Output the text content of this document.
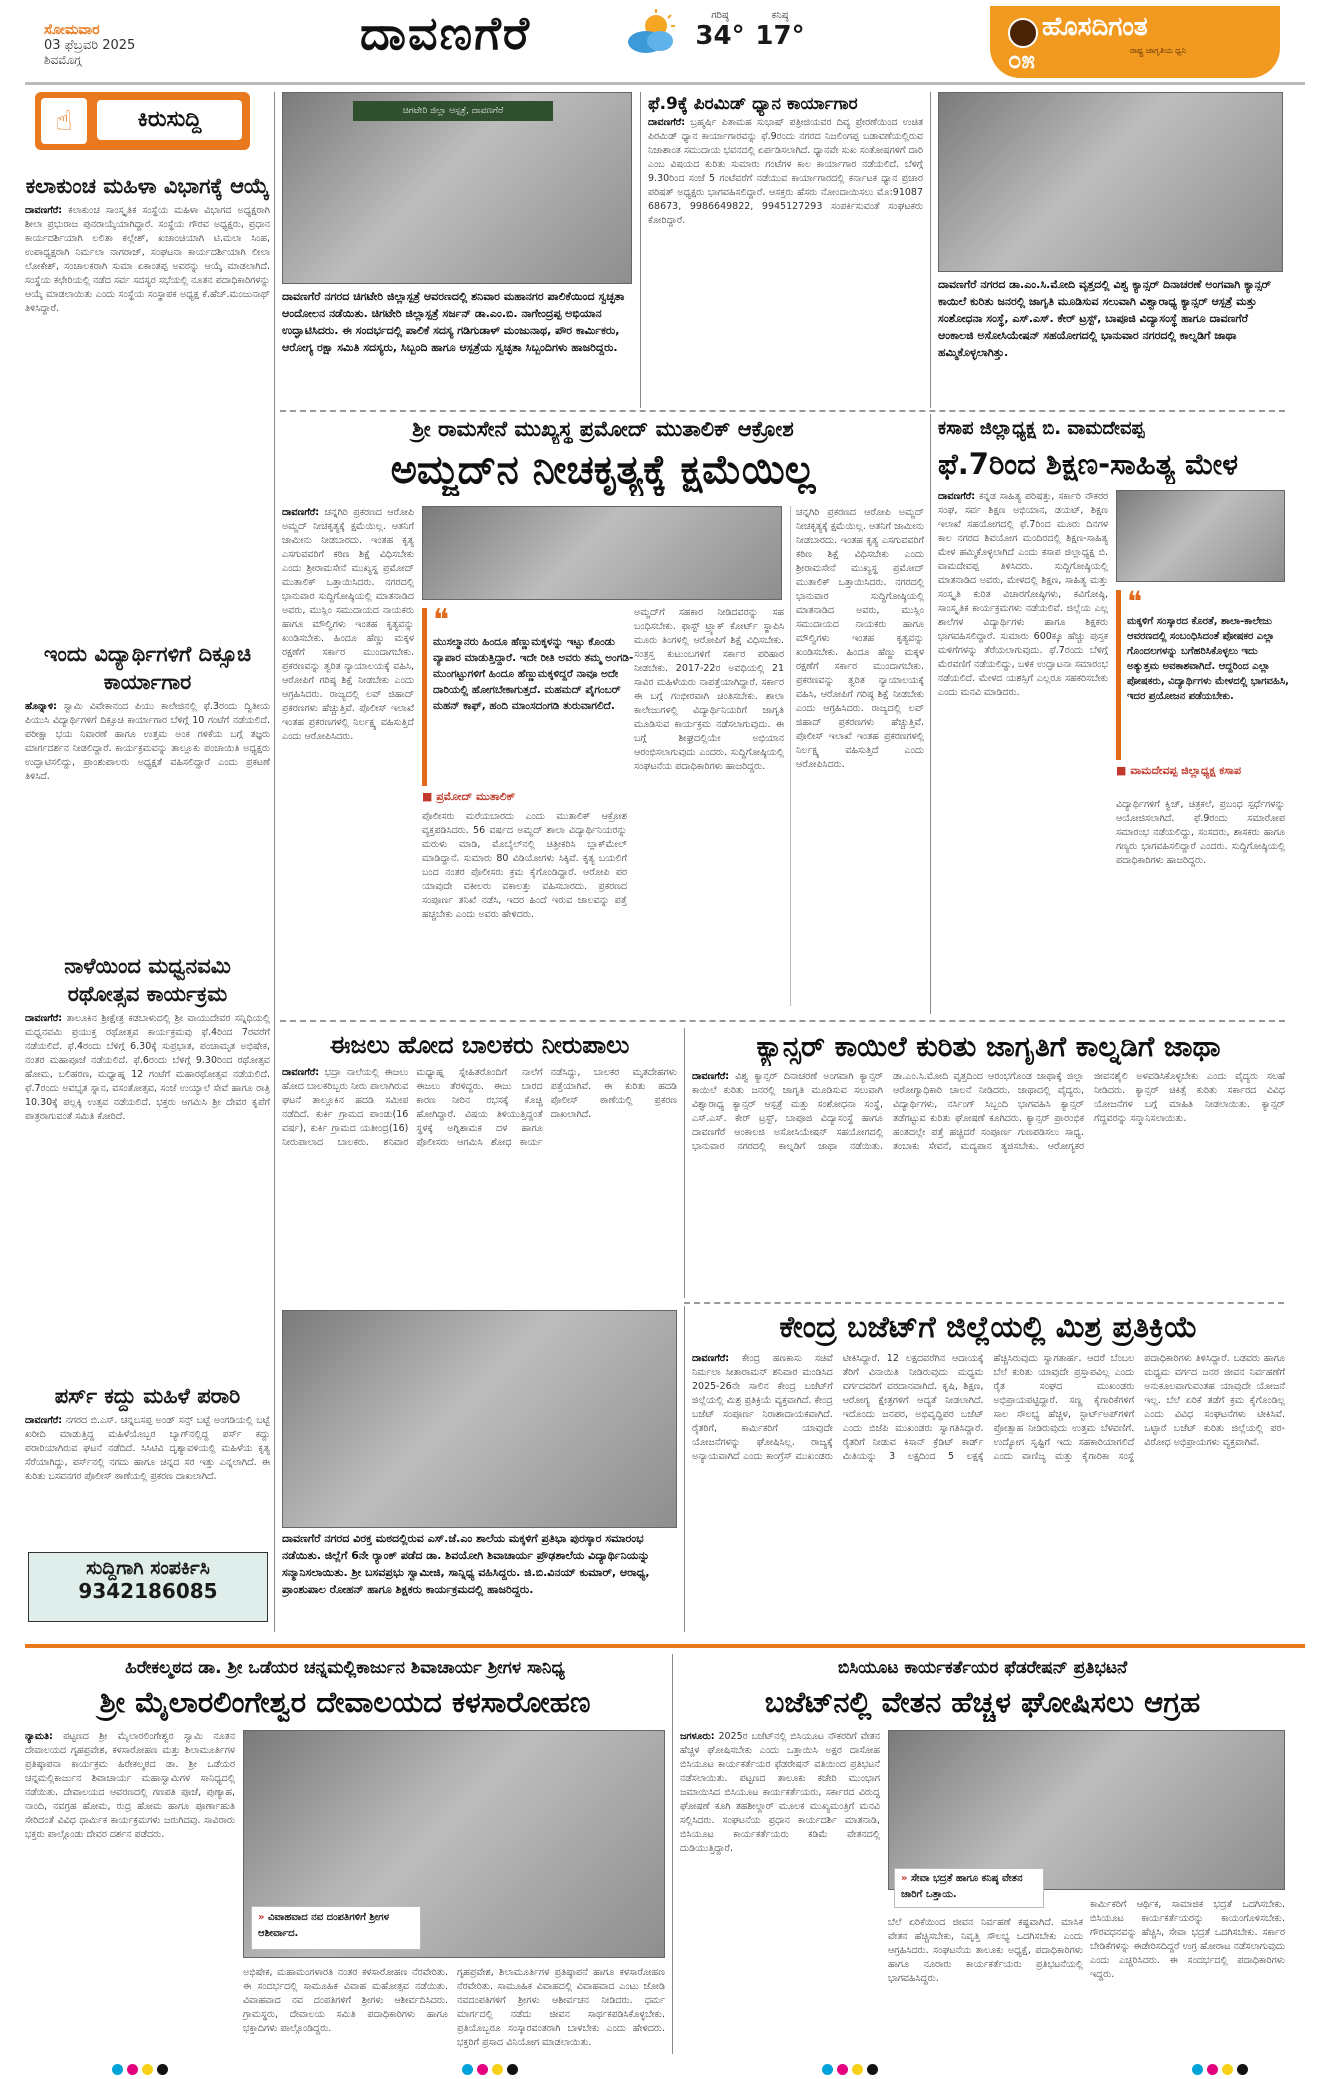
ಸೋಮವಾರ
03 ಫೆಬ್ರವರಿ 2025
ಶಿವಮೊಗ್ಗ	ದಾವಣಗೆರೆ	ಗರಿಷ್ಠ
34°
ಕನಿಷ್ಠ
17°	ಹೊಸದಿಗಂತ
ರಾಷ್ಟ್ರ ಜಾಗೃತಿಯ ಧ್ವನಿ
೦೫
☝	ಕಿರುಸುದ್ದಿ
ಕಲಾಕುಂಚ ಮಹಿಳಾ ವಿಭಾಗಕ್ಕೆ ಆಯ್ಕೆ
ದಾವಣಗೆರೆ: ಕಲಾಕುಂಚ ಸಾಂಸ್ಕೃತಿಕ ಸಂಸ್ಥೆಯ ಮಹಿಳಾ ವಿಭಾಗದ ಅಧ್ಯಕ್ಷರಾಗಿ ಶೀಲಾ ಪ್ರಭುರಾಜ ಪುನರಾಯ್ಕೆಯಾಗಿದ್ದಾರೆ. ಸಂಸ್ಥೆಯ ಗೌರವ ಅಧ್ಯಕ್ಷರು, ಪ್ರಧಾನ ಕಾರ್ಯದರ್ಶಿಯಾಗಿ ಲಲಿತಾ ಕಲ್ಲೇಶ್, ಖಜಾಂಚಿಯಾಗಿ ಟಿ.ಮಲಾ ಸಿಂಹ, ಉಪಾಧ್ಯಕ್ಷರಾಗಿ ನಿರ್ಮಲಾ ನಾಗರಾಜ್, ಸಂಘಟನಾ ಕಾರ್ಯದರ್ಶಿಯಾಗಿ ಲೀಲಾ ಲೋಕೇಶ್, ಸಂಚಾಲಕರಾಗಿ ಸುಮಾ ಏಕಾಂತಪ್ಪ ಅವರನ್ನು ಆಯ್ಕೆ ಮಾಡಲಾಗಿದೆ. ಸಂಸ್ಥೆಯ ಕಛೇರಿಯಲ್ಲಿ ನಡೆದ ಸರ್ವ ಸದಸ್ಯರ ಸಭೆಯಲ್ಲಿ ನೂತನ ಪದಾಧಿಕಾರಿಗಳನ್ನು ಆಯ್ಕೆ ಮಾಡಲಾಯಿತು ಎಂದು ಸಂಸ್ಥೆಯ ಸಂಸ್ಥಾಪಕ ಅಧ್ಯಕ್ಷ ಕೆ.ಹೆಚ್.ಮಂಜುನಾಥ್ ತಿಳಿಸಿದ್ದಾರೆ.
ಇಂದು ವಿದ್ಯಾರ್ಥಿಗಳಿಗೆ ದಿಕ್ಸೂಚಿ ಕಾರ್ಯಾಗಾರ
ಹೊನ್ನಾಳಿ: ಸ್ವಾಮಿ ವಿವೇಕಾನಂದ ಪಿಯು ಕಾಲೇಜಿನಲ್ಲಿ ಫೆ.3ರಂದು ದ್ವಿತೀಯ ಪಿಯುಸಿ ವಿದ್ಯಾರ್ಥಿಗಳಿಗೆ ದಿಕ್ಸೂಚಿ ಕಾರ್ಯಾಗಾರ ಬೆಳಿಗ್ಗೆ 10 ಗಂಟೆಗೆ ನಡೆಯಲಿದೆ. ಪರೀಕ್ಷಾ ಭಯ ನಿವಾರಣೆ ಹಾಗೂ ಉತ್ತಮ ಅಂಕ ಗಳಿಕೆಯ ಬಗ್ಗೆ ತಜ್ಞರು ಮಾರ್ಗದರ್ಶನ ನೀಡಲಿದ್ದಾರೆ. ಕಾರ್ಯಕ್ರಮವನ್ನು ತಾಲ್ಲೂಕು ಪಂಚಾಯಿತಿ ಅಧ್ಯಕ್ಷರು ಉದ್ಘಾಟಿಸಲಿದ್ದು, ಪ್ರಾಂಶುಪಾಲರು ಅಧ್ಯಕ್ಷತೆ ವಹಿಸಲಿದ್ದಾರೆ ಎಂದು ಪ್ರಕಟಣೆ ತಿಳಿಸಿದೆ.
ನಾಳೆಯಿಂದ ಮಧ್ವನವಮಿ ರಥೋತ್ಸವ ಕಾರ್ಯಕ್ರಮ
ದಾವಣಗೆರೆ: ತಾಲೂಕಿನ ಶ್ರೀಕ್ಷೇತ್ರ ಕಡಬಾಳುದಲ್ಲಿ ಶ್ರೀ ವಾಯುದೇವರ ಸನ್ನಿಧಿಯಲ್ಲಿ ಮಧ್ವನವಮಿ ಪ್ರಯುಕ್ತ ರಥೋತ್ಸವ ಕಾರ್ಯಕ್ರಮವು ಫೆ.4ರಿಂದ 7ರವರೆಗೆ ನಡೆಯಲಿದೆ. ಫೆ.4ರಂದು ಬೆಳಿಗ್ಗೆ 6.30ಕ್ಕೆ ಸುಪ್ರಭಾತ, ಪಂಚಾಮೃತ ಅಭಿಷೇಕ, ನಂತರ ಮಹಾಪೂಜೆ ನಡೆಯಲಿದೆ. ಫೆ.6ರಂದು ಬೆಳಿಗ್ಗೆ 9.30ರಿಂದ ರಥೋತ್ಸವ ಹೋಮ, ಬಲಿಹರಣ, ಮಧ್ಯಾಹ್ನ 12 ಗಂಟೆಗೆ ಮಹಾರಥೋತ್ಸವ ನಡೆಯಲಿದೆ. ಫೆ.7ರಂದು ಅವಭೃತ ಸ್ನಾನ, ವಸಂತೋತ್ಸವ, ಸಂಜೆ ಉಯ್ಯಾಲೆ ಸೇವೆ ಹಾಗೂ ರಾತ್ರಿ 10.30ಕ್ಕೆ ಪಲ್ಲಕ್ಕಿ ಉತ್ಸವ ನಡೆಯಲಿದೆ. ಭಕ್ತರು ಆಗಮಿಸಿ ಶ್ರೀ ದೇವರ ಕೃಪೆಗೆ ಪಾತ್ರರಾಗುವಂತೆ ಸಮಿತಿ ಕೋರಿದೆ.
ಪರ್ಸ್ ಕದ್ದು ಮಹಿಳೆ ಪರಾರಿ
ದಾವಣಗೆರೆ: ನಗರದ ಬಿ.ಎಸ್. ಚನ್ನಬಸಪ್ಪ ಅಂಡ್ ಸನ್ಸ್ ಬಟ್ಟೆ ಅಂಗಡಿಯಲ್ಲಿ ಬಟ್ಟೆ ಖರೀದಿ ಮಾಡುತ್ತಿದ್ದ ಮಹಿಳೆಯೊಬ್ಬರ ಬ್ಯಾಗ್‌ನಲ್ಲಿದ್ದ ಪರ್ಸ್ ಕದ್ದು ಪರಾರಿಯಾಗಿರುವ ಘಟನೆ ನಡೆದಿದೆ. ಸಿಸಿಟಿವಿ ದೃಶ್ಯಾವಳಿಯಲ್ಲಿ ಮಹಿಳೆಯ ಕೃತ್ಯ ಸೆರೆಯಾಗಿದ್ದು, ಪರ್ಸ್‌ನಲ್ಲಿ ನಗದು ಹಾಗೂ ಚಿನ್ನದ ಸರ ಇತ್ತು ಎನ್ನಲಾಗಿದೆ. ಈ ಕುರಿತು ಬಸವನಗರ ಪೊಲೀಸ್ ಠಾಣೆಯಲ್ಲಿ ಪ್ರಕರಣ ದಾಖಲಾಗಿದೆ.
ಸುದ್ದಿಗಾಗಿ ಸಂಪರ್ಕಿಸಿ
9342186085
ಚಿಗಟೇರಿ ಜಿಲ್ಲಾ ಆಸ್ಪತ್ರೆ, ದಾವಣಗೆರೆ
ದಾವಣಗೆರೆ ನಗರದ ಚಿಗಟೇರಿ ಜಿಲ್ಲಾಸ್ಪತ್ರೆ ಆವರಣದಲ್ಲಿ ಶನಿವಾರ ಮಹಾನಗರ ಪಾಲಿಕೆಯಿಂದ ಸ್ವಚ್ಛತಾ ಆಂದೋಲನ ನಡೆಯಿತು. ಚಿಗಟೇರಿ ಜಿಲ್ಲಾಸ್ಪತ್ರೆ ಸರ್ಜನ್ ಡಾ.ಎಂ.ಬಿ. ನಾಗೇಂದ್ರಪ್ಪ ಅಭಿಯಾನ ಉದ್ಘಾಟಿಸಿದರು. ಈ ಸಂದರ್ಭದಲ್ಲಿ ಪಾಲಿಕೆ ಸದಸ್ಯ ಗಡಿಗುಡಾಳ್ ಮಂಜುನಾಥ, ಪೌರ ಕಾರ್ಮಿಕರು, ಆರೋಗ್ಯ ರಕ್ಷಾ ಸಮಿತಿ ಸದಸ್ಯರು, ಸಿಬ್ಬಂದಿ ಹಾಗೂ ಆಸ್ಪತ್ರೆಯ ಸ್ವಚ್ಛತಾ ಸಿಬ್ಬಂದಿಗಳು ಹಾಜರಿದ್ದರು.
ಫೆ.9ಕ್ಕೆ ಪಿರಮಿಡ್ ಧ್ಯಾನ ಕಾರ್ಯಾಗಾರ
ದಾವಣಗೆರೆ: ಬ್ರಹ್ಮರ್ಷಿ ಪಿತಾಮಹ ಸುಭಾಷ್ ಪತ್ರೀಜಿಯವರ ದಿವ್ಯ ಪ್ರೇರಣೆಯಿಂದ ಉಚಿತ ಪಿರಮಿಡ್ ಧ್ಯಾನ ಕಾರ್ಯಾಗಾರವನ್ನು ಫೆ.9ರಂದು ನಗರದ ನಿಜಲಿಂಗಪ್ಪ ಬಡಾವಣೆಯಲ್ಲಿರುವ ನಿಜಾಶಾಂತ ಸಮುದಾಯ ಭವನದಲ್ಲಿ ಏರ್ಪಡಿಸಲಾಗಿದೆ. ಧ್ಯಾನವೇ ಸುಖ ಸಂತೋಷಗಳಿಗೆ ದಾರಿ ಎಂಬ ವಿಷಯದ ಕುರಿತು ಸುಮಾರು ಗಂಟೆಗಳ ಕಾಲ ಕಾರ್ಯಾಗಾರ ನಡೆಯಲಿದೆ. ಬೆಳಿಗ್ಗೆ 9.30ರಿಂದ ಸಂಜೆ 5 ಗಂಟೆವರೆಗೆ ನಡೆಯುವ ಕಾರ್ಯಾಗಾರದಲ್ಲಿ ಕರ್ನಾಟಕ ಧ್ಯಾನ ಪ್ರಚಾರ ಪರಿಷತ್ ಅಧ್ಯಕ್ಷರು ಭಾಗವಹಿಸಲಿದ್ದಾರೆ. ಆಸಕ್ತರು ಹೆಸರು ನೋಂದಾಯಿಸಲು ಮೊ:91087 68673, 9986649822, 9945127293 ಸಂಪರ್ಕಿಸುವಂತೆ ಸಂಘಟಕರು ಕೋರಿದ್ದಾರೆ.
ದಾವಣಗೆರೆ ನಗರದ ಡಾ.ಎಂ.ಸಿ.ಮೋದಿ ವೃತ್ತದಲ್ಲಿ ವಿಶ್ವ ಕ್ಯಾನ್ಸರ್ ದಿನಾಚರಣೆ ಅಂಗವಾಗಿ ಕ್ಯಾನ್ಸರ್ ಕಾಯಿಲೆ ಕುರಿತು ಜನರಲ್ಲಿ ಜಾಗೃತಿ ಮೂಡಿಸುವ ಸಲುವಾಗಿ ವಿಶ್ವಾರಾಧ್ಯ ಕ್ಯಾನ್ಸರ್ ಆಸ್ಪತ್ರೆ ಮತ್ತು ಸಂಶೋಧನಾ ಸಂಸ್ಥೆ, ಎಸ್.ಎಸ್. ಕೇರ್ ಟ್ರಸ್ಟ್, ಬಾಪೂಜಿ ವಿದ್ಯಾಸಂಸ್ಥೆ ಹಾಗೂ ದಾವಣಗೆರೆ ಆಂಕಾಲಜಿ ಅಸೋಸಿಯೇಷನ್ ಸಹಯೋಗದಲ್ಲಿ ಭಾನುವಾರ ನಗರದಲ್ಲಿ ಕಾಲ್ನಡಿಗೆ ಜಾಥಾ ಹಮ್ಮಿಕೊಳ್ಳಲಾಗಿತ್ತು.
ಶ್ರೀ ರಾಮಸೇನೆ ಮುಖ್ಯಸ್ಥ ಪ್ರಮೋದ್ ಮುತಾಲಿಕ್ ಆಕ್ರೋಶ
ಅಮ್ಜದ್‌ನ ನೀಚಕೃತ್ಯಕ್ಕೆ ಕ್ಷಮೆಯಿಲ್ಲ
ದಾವಣಗೆರೆ: ಚನ್ನಗಿರಿ ಪ್ರಕರಣದ ಆರೋಪಿ ಅಮ್ಜದ್ ನೀಚಕೃತ್ಯಕ್ಕೆ ಕ್ಷಮೆಯಿಲ್ಲ. ಆತನಿಗೆ ಜಾಮೀನು ನೀಡಬಾರದು. ಇಂತಹ ಕೃತ್ಯ ಎಸಗುವವರಿಗೆ ಕಠಿಣ ಶಿಕ್ಷೆ ವಿಧಿಸಬೇಕು ಎಂದು ಶ್ರೀರಾಮಸೇನೆ ಮುಖ್ಯಸ್ಥ ಪ್ರಮೋದ್ ಮುತಾಲಿಕ್ ಒತ್ತಾಯಿಸಿದರು. ನಗರದಲ್ಲಿ ಭಾನುವಾರ ಸುದ್ದಿಗೋಷ್ಠಿಯಲ್ಲಿ ಮಾತನಾಡಿದ ಅವರು, ಮುಸ್ಲಿಂ ಸಮುದಾಯದ ನಾಯಕರು ಹಾಗೂ ಮೌಲ್ವಿಗಳು ಇಂತಹ ಕೃತ್ಯವನ್ನು ಖಂಡಿಸಬೇಕು. ಹಿಂದೂ ಹೆಣ್ಣು ಮಕ್ಕಳ ರಕ್ಷಣೆಗೆ ಸರ್ಕಾರ ಮುಂದಾಗಬೇಕು. ಪ್ರಕರಣವನ್ನು ತ್ವರಿತ ನ್ಯಾಯಾಲಯಕ್ಕೆ ವಹಿಸಿ, ಆರೋಪಿಗೆ ಗರಿಷ್ಠ ಶಿಕ್ಷೆ ನೀಡಬೇಕು ಎಂದು ಆಗ್ರಹಿಸಿದರು. ರಾಜ್ಯದಲ್ಲಿ ಲವ್ ಜಿಹಾದ್ ಪ್ರಕರಣಗಳು ಹೆಚ್ಚುತ್ತಿವೆ. ಪೊಲೀಸ್ ಇಲಾಖೆ ಇಂತಹ ಪ್ರಕರಣಗಳಲ್ಲಿ ನಿರ್ಲಕ್ಷ್ಯ ವಹಿಸುತ್ತಿದೆ ಎಂದು ಆರೋಪಿಸಿದರು.
❝
ಮುಸಲ್ಮಾನರು ಹಿಂದೂ ಹೆಣ್ಣುಮಕ್ಕಳನ್ನು ಇಟ್ಟು ಕೊಂಡು ವ್ಯಾಪಾರ ಮಾಡುತ್ತಿದ್ದಾರೆ. ಇದೇ ರೀತಿ ಅವರು ತಮ್ಮ ಅಂಗಡಿ-ಮುಂಗಟ್ಟುಗಳಿಗೆ ಹಿಂದೂ ಹೆಣ್ಣುಮಕ್ಕಳಿದ್ದರೆ ನಾವೂ ಅದೇ ದಾರಿಯಲ್ಲಿ ಹೋಗಬೇಕಾಗುತ್ತದೆ. ಮಹಮದ್ ಪೈಗಂಬರ್ ಮಹನ್ ಕಾಫ್, ಹಂದಿ ಮಾಂಸದಂಗಡಿ ತುರುವಾಗಲಿದೆ.
■ ಪ್ರಮೋದ್ ಮುತಾಲಿಕ್
ಪೊಲೀಸರು ಮರೆಯಬಾರದು ಎಂದು ಮುತಾಲಿಕ್ ಆಕ್ರೋಶ ವ್ಯಕ್ತಪಡಿಸಿದರು. 56 ವರ್ಷದ ಅಮ್ಜದ್ ಶಾಲಾ ವಿದ್ಯಾರ್ಥಿನಿಯರನ್ನು ಮರುಳು ಮಾಡಿ, ಮೊಬೈಲ್‌ನಲ್ಲಿ ಚಿತ್ರೀಕರಿಸಿ ಬ್ಲಾಕ್‌ಮೇಲ್ ಮಾಡಿದ್ದಾನೆ. ಸುಮಾರು 80 ವಿಡಿಯೋಗಳು ಸಿಕ್ಕಿವೆ. ಕೃತ್ಯ ಬಯಲಿಗೆ ಬಂದ ನಂತರ ಪೊಲೀಸರು ಕ್ರಮ ಕೈಗೊಂಡಿದ್ದಾರೆ. ಆರೋಪಿ ಪರ ಯಾವುದೇ ವಕೀಲರು ವಕಾಲತ್ತು ವಹಿಸಬಾರದು. ಪ್ರಕರಣದ ಸಂಪೂರ್ಣ ತನಿಖೆ ನಡೆಸಿ, ಇದರ ಹಿಂದೆ ಇರುವ ಜಾಲವನ್ನು ಪತ್ತೆ ಹಚ್ಚಬೇಕು ಎಂದು ಅವರು ಹೇಳಿದರು.
ಅಮ್ಜದ್‌ಗೆ ಸಹಕಾರ ನೀಡಿದವರನ್ನು ಸಹ ಬಂಧಿಸಬೇಕು. ಫಾಸ್ಟ್ ಟ್ರ್ಯಾಕ್ ಕೋರ್ಟ್ ಸ್ಥಾಪಿಸಿ ಮೂರು ತಿಂಗಳಲ್ಲಿ ಆರೋಪಿಗೆ ಶಿಕ್ಷೆ ವಿಧಿಸಬೇಕು. ಸಂತ್ರಸ್ತ ಕುಟುಂಬಗಳಿಗೆ ಸರ್ಕಾರ ಪರಿಹಾರ ನೀಡಬೇಕು. 2017-22ರ ಅವಧಿಯಲ್ಲಿ 21 ಸಾವಿರ ಮಹಿಳೆಯರು ನಾಪತ್ತೆಯಾಗಿದ್ದಾರೆ. ಸರ್ಕಾರ ಈ ಬಗ್ಗೆ ಗಂಭೀರವಾಗಿ ಚಿಂತಿಸಬೇಕು. ಶಾಲಾ ಕಾಲೇಜುಗಳಲ್ಲಿ ವಿದ್ಯಾರ್ಥಿನಿಯರಿಗೆ ಜಾಗೃತಿ ಮೂಡಿಸುವ ಕಾರ್ಯಕ್ರಮ ನಡೆಸಲಾಗುವುದು. ಈ ಬಗ್ಗೆ ಶೀಘ್ರದಲ್ಲಿಯೇ ಅಭಿಯಾನ ಆರಂಭಿಸಲಾಗುವುದು ಎಂದರು. ಸುದ್ದಿಗೋಷ್ಠಿಯಲ್ಲಿ ಸಂಘಟನೆಯ ಪದಾಧಿಕಾರಿಗಳು ಹಾಜರಿದ್ದರು.
ಚನ್ನಗಿರಿ ಪ್ರಕರಣದ ಆರೋಪಿ ಅಮ್ಜದ್ ನೀಚಕೃತ್ಯಕ್ಕೆ ಕ್ಷಮೆಯಿಲ್ಲ. ಆತನಿಗೆ ಜಾಮೀನು ನೀಡಬಾರದು. ಇಂತಹ ಕೃತ್ಯ ಎಸಗುವವರಿಗೆ ಕಠಿಣ ಶಿಕ್ಷೆ ವಿಧಿಸಬೇಕು ಎಂದು ಶ್ರೀರಾಮಸೇನೆ ಮುಖ್ಯಸ್ಥ ಪ್ರಮೋದ್ ಮುತಾಲಿಕ್ ಒತ್ತಾಯಿಸಿದರು. ನಗರದಲ್ಲಿ ಭಾನುವಾರ ಸುದ್ದಿಗೋಷ್ಠಿಯಲ್ಲಿ ಮಾತನಾಡಿದ ಅವರು, ಮುಸ್ಲಿಂ ಸಮುದಾಯದ ನಾಯಕರು ಹಾಗೂ ಮೌಲ್ವಿಗಳು ಇಂತಹ ಕೃತ್ಯವನ್ನು ಖಂಡಿಸಬೇಕು. ಹಿಂದೂ ಹೆಣ್ಣು ಮಕ್ಕಳ ರಕ್ಷಣೆಗೆ ಸರ್ಕಾರ ಮುಂದಾಗಬೇಕು. ಪ್ರಕರಣವನ್ನು ತ್ವರಿತ ನ್ಯಾಯಾಲಯಕ್ಕೆ ವಹಿಸಿ, ಆರೋಪಿಗೆ ಗರಿಷ್ಠ ಶಿಕ್ಷೆ ನೀಡಬೇಕು ಎಂದು ಆಗ್ರಹಿಸಿದರು. ರಾಜ್ಯದಲ್ಲಿ ಲವ್ ಜಿಹಾದ್ ಪ್ರಕರಣಗಳು ಹೆಚ್ಚುತ್ತಿವೆ. ಪೊಲೀಸ್ ಇಲಾಖೆ ಇಂತಹ ಪ್ರಕರಣಗಳಲ್ಲಿ ನಿರ್ಲಕ್ಷ್ಯ ವಹಿಸುತ್ತಿದೆ ಎಂದು ಆರೋಪಿಸಿದರು.
ಕಸಾಪ ಜಿಲ್ಲಾಧ್ಯಕ್ಷ ಬಿ. ವಾಮದೇವಪ್ಪ
ಫೆ.7ರಿಂದ ಶಿಕ್ಷಣ-ಸಾಹಿತ್ಯ ಮೇಳ
ದಾವಣಗೆರೆ: ಕನ್ನಡ ಸಾಹಿತ್ಯ ಪರಿಷತ್ತು, ಸರ್ಕಾರಿ ನೌಕರರ ಸಂಘ, ಸರ್ವ ಶಿಕ್ಷಣ ಅಭಿಯಾನ, ಡಯಟ್, ಶಿಕ್ಷಣ ಇಲಾಖೆ ಸಹಯೋಗದಲ್ಲಿ ಫೆ.7ರಿಂದ ಮೂರು ದಿನಗಳ ಕಾಲ ನಗರದ ಶಿವಯೋಗ ಮಂದಿರದಲ್ಲಿ ಶಿಕ್ಷಣ-ಸಾಹಿತ್ಯ ಮೇಳ ಹಮ್ಮಿಕೊಳ್ಳಲಾಗಿದೆ ಎಂದು ಕಸಾಪ ಜಿಲ್ಲಾಧ್ಯಕ್ಷ ಬಿ. ವಾಮದೇವಪ್ಪ ತಿಳಿಸಿದರು. ಸುದ್ದಿಗೋಷ್ಠಿಯಲ್ಲಿ ಮಾತನಾಡಿದ ಅವರು, ಮೇಳದಲ್ಲಿ ಶಿಕ್ಷಣ, ಸಾಹಿತ್ಯ ಮತ್ತು ಸಂಸ್ಕೃತಿ ಕುರಿತ ವಿಚಾರಗೋಷ್ಠಿಗಳು, ಕವಿಗೋಷ್ಠಿ, ಸಾಂಸ್ಕೃತಿಕ ಕಾರ್ಯಕ್ರಮಗಳು ನಡೆಯಲಿವೆ. ಜಿಲ್ಲೆಯ ಎಲ್ಲ ಶಾಲೆಗಳ ವಿದ್ಯಾರ್ಥಿಗಳು ಹಾಗೂ ಶಿಕ್ಷಕರು ಭಾಗವಹಿಸಲಿದ್ದಾರೆ. ಸುಮಾರು 600ಕ್ಕೂ ಹೆಚ್ಚು ಪುಸ್ತಕ ಮಳಿಗೆಗಳನ್ನು ತೆರೆಯಲಾಗುವುದು. ಫೆ.7ರಂದು ಬೆಳಿಗ್ಗೆ ಮೆರವಣಿಗೆ ನಡೆಯಲಿದ್ದು, ಬಳಿಕ ಉದ್ಘಾಟನಾ ಸಮಾರಂಭ ನಡೆಯಲಿದೆ. ಮೇಳದ ಯಶಸ್ಸಿಗೆ ಎಲ್ಲರೂ ಸಹಕರಿಸಬೇಕು ಎಂದು ಮನವಿ ಮಾಡಿದರು.
❝
ಮಕ್ಕಳಿಗೆ ಸಂಸ್ಕಾರದ ಕೊರತೆ, ಶಾಲಾ-ಕಾಲೇಜು ಆವರಣದಲ್ಲಿ ಸಂಬಂಧಿಸಿದಂತೆ ಪೋಷಕರ ಎಲ್ಲಾ ಗೊಂದಲಗಳನ್ನು ಬಗೆಹರಿಸಿಕೊಳ್ಳಲು ಇದು ಅತ್ಯುತ್ತಮ ಅವಕಾಶವಾಗಿದೆ. ಆದ್ದರಿಂದ ಎಲ್ಲಾ ಪೋಷಕರು, ವಿದ್ಯಾರ್ಥಿಗಳು ಮೇಳದಲ್ಲಿ ಭಾಗವಹಿಸಿ, ಇದರ ಪ್ರಯೋಜನ ಪಡೆಯಬೇಕು.
■ ವಾಮದೇವಪ್ಪ ಜಿಲ್ಲಾಧ್ಯಕ್ಷ ಕಸಾಪ
ವಿದ್ಯಾರ್ಥಿಗಳಿಗೆ ಕ್ವಿಜ್, ಚಿತ್ರಕಲೆ, ಪ್ರಬಂಧ ಸ್ಪರ್ಧೆಗಳನ್ನು ಆಯೋಜಿಸಲಾಗಿದೆ. ಫೆ.9ರಂದು ಸಮಾರೋಪ ಸಮಾರಂಭ ನಡೆಯಲಿದ್ದು, ಸಂಸದರು, ಶಾಸಕರು ಹಾಗೂ ಗಣ್ಯರು ಭಾಗವಹಿಸಲಿದ್ದಾರೆ ಎಂದರು. ಸುದ್ದಿಗೋಷ್ಠಿಯಲ್ಲಿ ಪದಾಧಿಕಾರಿಗಳು ಹಾಜರಿದ್ದರು.
ಈಜಲು ಹೋದ ಬಾಲಕರು ನೀರುಪಾಲು
ದಾವಣಗೆರೆ: ಭದ್ರಾ ನಾಲೆಯಲ್ಲಿ ಈಜಲು ಹೋದ ಬಾಲಕರಿಬ್ಬರು ನೀರು ಪಾಲಾಗಿರುವ ಘಟನೆ ತಾಲ್ಲೂಕಿನ ಹದಡಿ ಸಮೀಪ ನಡೆದಿದೆ. ಕುರ್ಕಿ ಗ್ರಾಮದ ಪಾಂಡು(16 ವರ್ಷ), ಕುರ್ಕಿ ಗ್ರಾಮದ ಯತೀಂದ್ರ(16) ನೀರುಪಾಲಾದ ಬಾಲಕರು. ಶನಿವಾರ ಮಧ್ಯಾಹ್ನ ಸ್ನೇಹಿತರೊಂದಿಗೆ ನಾಲೆಗೆ ಈಜಲು ತೆರಳಿದ್ದರು. ಈಜು ಬಾರದ ಕಾರಣ ನೀರಿನ ರಭಸಕ್ಕೆ ಕೊಚ್ಚಿ ಹೋಗಿದ್ದಾರೆ. ವಿಷಯ ತಿಳಿಯುತ್ತಿದ್ದಂತೆ ಸ್ಥಳಕ್ಕೆ ಅಗ್ನಿಶಾಮಕ ದಳ ಹಾಗೂ ಪೊಲೀಸರು ಆಗಮಿಸಿ ಶೋಧ ಕಾರ್ಯ ನಡೆಸಿದ್ದು, ಬಾಲಕರ ಮೃತದೇಹಗಳು ಪತ್ತೆಯಾಗಿವೆ. ಈ ಕುರಿತು ಹದಡಿ ಪೊಲೀಸ್ ಠಾಣೆಯಲ್ಲಿ ಪ್ರಕರಣ ದಾಖಲಾಗಿದೆ.
ಕ್ಯಾನ್ಸರ್ ಕಾಯಿಲೆ ಕುರಿತು ಜಾಗೃತಿಗೆ ಕಾಲ್ನಡಿಗೆ ಜಾಥಾ
ದಾವಣಗೆರೆ: ವಿಶ್ವ ಕ್ಯಾನ್ಸರ್ ದಿನಾಚರಣೆ ಅಂಗವಾಗಿ ಕ್ಯಾನ್ಸರ್ ಕಾಯಿಲೆ ಕುರಿತು ಜನರಲ್ಲಿ ಜಾಗೃತಿ ಮೂಡಿಸುವ ಸಲುವಾಗಿ ವಿಶ್ವಾರಾಧ್ಯ ಕ್ಯಾನ್ಸರ್ ಆಸ್ಪತ್ರೆ ಮತ್ತು ಸಂಶೋಧನಾ ಸಂಸ್ಥೆ, ಎಸ್.ಎಸ್. ಕೇರ್ ಟ್ರಸ್ಟ್, ಬಾಪೂಜಿ ವಿದ್ಯಾಸಂಸ್ಥೆ ಹಾಗೂ ದಾವಣಗೆರೆ ಆಂಕಾಲಜಿ ಅಸೋಸಿಯೇಷನ್ ಸಹಯೋಗದಲ್ಲಿ ಭಾನುವಾರ ನಗರದಲ್ಲಿ ಕಾಲ್ನಡಿಗೆ ಜಾಥಾ ನಡೆಯಿತು. ಡಾ.ಎಂ.ಸಿ.ಮೋದಿ ವೃತ್ತದಿಂದ ಆರಂಭಗೊಂಡ ಜಾಥಾಕ್ಕೆ ಜಿಲ್ಲಾ ಆರೋಗ್ಯಾಧಿಕಾರಿ ಚಾಲನೆ ನೀಡಿದರು. ಜಾಥಾದಲ್ಲಿ ವೈದ್ಯರು, ವಿದ್ಯಾರ್ಥಿಗಳು, ನರ್ಸಿಂಗ್ ಸಿಬ್ಬಂದಿ ಭಾಗವಹಿಸಿ ಕ್ಯಾನ್ಸರ್ ತಡೆಗಟ್ಟುವ ಕುರಿತು ಘೋಷಣೆ ಕೂಗಿದರು. ಕ್ಯಾನ್ಸರ್ ಪ್ರಾರಂಭಿಕ ಹಂತದಲ್ಲೇ ಪತ್ತೆ ಹಚ್ಚಿದರೆ ಸಂಪೂರ್ಣ ಗುಣಪಡಿಸಲು ಸಾಧ್ಯ. ತಂಬಾಕು ಸೇವನೆ, ಮದ್ಯಪಾನ ತ್ಯಜಿಸಬೇಕು. ಆರೋಗ್ಯಕರ ಜೀವನಶೈಲಿ ಅಳವಡಿಸಿಕೊಳ್ಳಬೇಕು ಎಂದು ವೈದ್ಯರು ಸಲಹೆ ನೀಡಿದರು. ಕ್ಯಾನ್ಸರ್ ಚಿಕಿತ್ಸೆ ಕುರಿತು ಸರ್ಕಾರದ ವಿವಿಧ ಯೋಜನೆಗಳ ಬಗ್ಗೆ ಮಾಹಿತಿ ನೀಡಲಾಯಿತು. ಕ್ಯಾನ್ಸರ್ ಗೆದ್ದವರನ್ನು ಸನ್ಮಾನಿಸಲಾಯಿತು.
ದಾವಣಗೆರೆ ನಗರದ ವಿರಕ್ತ ಮಠದಲ್ಲಿರುವ ಎಸ್.ಜೆ.ಎಂ ಶಾಲೆಯ ಮಕ್ಕಳಿಗೆ ಪ್ರತಿಭಾ ಪುರಸ್ಕಾರ ಸಮಾರಂಭ ನಡೆಯಿತು. ಜಿಲ್ಲೆಗೆ 6ನೇ ರ‍್ಯಾಂಕ್ ಪಡೆದ ಡಾ. ಶಿವಯೋಗಿ ಶಿವಾಚಾರ್ಯ ಪ್ರೌಢಶಾಲೆಯ ವಿದ್ಯಾರ್ಥಿನಿಯನ್ನು ಸನ್ಮಾನಿಸಲಾಯಿತು. ಶ್ರೀ ಬಸವಪ್ರಭು ಸ್ವಾಮೀಜಿ, ಸಾನ್ನಿಧ್ಯ ವಹಿಸಿದ್ದರು. ಜಿ.ಬಿ.ವಿನಯ್ ಕುಮಾರ್, ಆರಾಧ್ಯ, ಪ್ರಾಂಶುಪಾಲ ರೋಹನ್ ಹಾಗೂ ಶಿಕ್ಷಕರು ಕಾರ್ಯಕ್ರಮದಲ್ಲಿ ಹಾಜರಿದ್ದರು.
ಕೇಂದ್ರ ಬಜೆಟ್‌ಗೆ ಜಿಲ್ಲೆಯಲ್ಲಿ ಮಿಶ್ರ ಪ್ರತಿಕ್ರಿಯೆ
ದಾವಣಗೆರೆ: ಕೇಂದ್ರ ಹಣಕಾಸು ಸಚಿವೆ ನಿರ್ಮಲಾ ಸೀತಾರಾಮನ್ ಶನಿವಾರ ಮಂಡಿಸಿದ 2025-26ನೇ ಸಾಲಿನ ಕೇಂದ್ರ ಬಜೆಟ್‌ಗೆ ಜಿಲ್ಲೆಯಲ್ಲಿ ಮಿಶ್ರ ಪ್ರತಿಕ್ರಿಯೆ ವ್ಯಕ್ತವಾಗಿದೆ. ಕೇಂದ್ರ ಬಜೆಟ್ ಸಂಪೂರ್ಣ ನಿರಾಶಾದಾಯಕವಾಗಿದೆ. ರೈತರಿಗೆ, ಕಾರ್ಮಿಕರಿಗೆ ಯಾವುದೇ ಯೋಜನೆಗಳನ್ನು ಘೋಷಿಸಿಲ್ಲ. ರಾಜ್ಯಕ್ಕೆ ಅನ್ಯಾಯವಾಗಿದೆ ಎಂದು ಕಾಂಗ್ರೆಸ್ ಮುಖಂಡರು ಟೀಕಿಸಿದ್ದಾರೆ. 12 ಲಕ್ಷದವರೆಗಿನ ಆದಾಯಕ್ಕೆ ತೆರಿಗೆ ವಿನಾಯಿತಿ ನೀಡಿರುವುದು ಮಧ್ಯಮ ವರ್ಗದವರಿಗೆ ವರದಾನವಾಗಿದೆ. ಕೃಷಿ, ಶಿಕ್ಷಣ, ಆರೋಗ್ಯ ಕ್ಷೇತ್ರಗಳಿಗೆ ಆದ್ಯತೆ ನೀಡಲಾಗಿದೆ. ಇದೊಂದು ಜನಪರ, ಅಭಿವೃದ್ಧಿಪರ ಬಜೆಟ್ ಎಂದು ಬಿಜೆಪಿ ಮುಖಂಡರು ಸ್ವಾಗತಿಸಿದ್ದಾರೆ. ರೈತರಿಗೆ ನೀಡುವ ಕಿಸಾನ್ ಕ್ರೆಡಿಟ್ ಕಾರ್ಡ್ ಮಿತಿಯನ್ನು 3 ಲಕ್ಷದಿಂದ 5 ಲಕ್ಷಕ್ಕೆ ಹೆಚ್ಚಿಸಿರುವುದು ಸ್ವಾಗತಾರ್ಹ. ಆದರೆ ಬೆಂಬಲ ಬೆಲೆ ಕುರಿತು ಯಾವುದೇ ಪ್ರಸ್ತಾಪವಿಲ್ಲ ಎಂದು ರೈತ ಸಂಘದ ಮುಖಂಡರು ಅಭಿಪ್ರಾಯಪಟ್ಟಿದ್ದಾರೆ. ಸಣ್ಣ ಕೈಗಾರಿಕೆಗಳಿಗೆ ಸಾಲ ಸೌಲಭ್ಯ ಹೆಚ್ಚಳ, ಸ್ಟಾರ್ಟ್‌ಅಪ್‌ಗಳಿಗೆ ಪ್ರೋತ್ಸಾಹ ನೀಡಿರುವುದು ಉತ್ತಮ ಬೆಳವಣಿಗೆ. ಉದ್ಯೋಗ ಸೃಷ್ಟಿಗೆ ಇದು ಸಹಕಾರಿಯಾಗಲಿದೆ ಎಂದು ವಾಣಿಜ್ಯ ಮತ್ತು ಕೈಗಾರಿಕಾ ಸಂಸ್ಥೆ ಪದಾಧಿಕಾರಿಗಳು ತಿಳಿಸಿದ್ದಾರೆ. ಬಡವರು ಹಾಗೂ ಮಧ್ಯಮ ವರ್ಗದ ಜನರ ಜೀವನ ನಿರ್ವಹಣೆಗೆ ಅನುಕೂಲವಾಗುವಂತಹ ಯಾವುದೇ ಯೋಜನೆ ಇಲ್ಲ. ಬೆಲೆ ಏರಿಕೆ ತಡೆಗೆ ಕ್ರಮ ಕೈಗೊಂಡಿಲ್ಲ ಎಂದು ವಿವಿಧ ಸಂಘಟನೆಗಳು ಟೀಕಿಸಿವೆ. ಒಟ್ಟಾರೆ ಬಜೆಟ್ ಕುರಿತು ಜಿಲ್ಲೆಯಲ್ಲಿ ಪರ-ವಿರೋಧ ಅಭಿಪ್ರಾಯಗಳು ವ್ಯಕ್ತವಾಗಿವೆ.
ಹಿರೇಕಲ್ಮಠದ ಡಾ. ಶ್ರೀ ಒಡೆಯರ ಚನ್ನಮಲ್ಲಿಕಾರ್ಜುನ ಶಿವಾಚಾರ್ಯ ಶ್ರೀಗಳ ಸಾನಿಧ್ಯ
ಶ್ರೀ ಮೈಲಾರಲಿಂಗೇಶ್ವರ ದೇವಾಲಯದ ಕಳಸಾರೋಹಣ
ನ್ಯಾಮತಿ: ಪಟ್ಟಣದ ಶ್ರೀ ಮೈಲಾರಲಿಂಗೇಶ್ವರ ಸ್ವಾಮಿ ನೂತನ ದೇವಾಲಯದ ಗೃಹಪ್ರವೇಶ, ಕಳಸಾರೋಹಣ ಮತ್ತು ಶಿಲಾಮೂರ್ತಿಗಳ ಪ್ರತಿಷ್ಠಾಪನಾ ಕಾರ್ಯಕ್ರಮ ಹಿರೇಕಲ್ಮಠದ ಡಾ. ಶ್ರೀ ಒಡೆಯರ ಚನ್ನಮಲ್ಲಿಕಾರ್ಜುನ ಶಿವಾಚಾರ್ಯ ಮಹಾಸ್ವಾಮಿಗಳ ಸಾನಿಧ್ಯದಲ್ಲಿ ನಡೆಯಿತು. ದೇವಾಲಯದ ಆವರಣದಲ್ಲಿ ಗಣಪತಿ ಪೂಜೆ, ಪುಣ್ಯಾಹ, ನಾಂದಿ, ನವಗ್ರಹ ಹೋಮ, ರುದ್ರ ಹೋಮ ಹಾಗೂ ಪೂರ್ಣಾಹುತಿ ಸೇರಿದಂತೆ ವಿವಿಧ ಧಾರ್ಮಿಕ ಕಾರ್ಯಕ್ರಮಗಳು ಜರುಗಿದವು. ಸಾವಿರಾರು ಭಕ್ತರು ಪಾಲ್ಗೊಂಡು ದೇವರ ದರ್ಶನ ಪಡೆದರು.
» ವಿವಾಹವಾದ ನವ ದಂಪತಿಗಳಿಗೆ ಶ್ರೀಗಳ ಆಶೀರ್ವಾದ.
ಅಭಿಷೇಕ, ಮಹಾಮಂಗಳಾರತಿ ನಂತರ ಕಳಸಾರೋಹಣ ನೆರವೇರಿತು. ಈ ಸಂದರ್ಭದಲ್ಲಿ ಸಾಮೂಹಿಕ ವಿವಾಹ ಮಹೋತ್ಸವ ನಡೆಯಿತು. ವಿವಾಹವಾದ ನವ ದಂಪತಿಗಳಿಗೆ ಶ್ರೀಗಳು ಆಶೀರ್ವದಿಸಿದರು. ಗ್ರಾಮಸ್ಥರು, ದೇವಾಲಯ ಸಮಿತಿ ಪದಾಧಿಕಾರಿಗಳು ಹಾಗೂ ಭಕ್ತಾದಿಗಳು ಪಾಲ್ಗೊಂಡಿದ್ದರು.
ಗೃಹಪ್ರವೇಶ, ಶಿಲಾಮೂರ್ತಿಗಳ ಪ್ರತಿಷ್ಠಾಪನೆ ಹಾಗೂ ಕಳಸಾರೋಹಣ ನೆರವೇರಿತು. ಸಾಮೂಹಿಕ ವಿವಾಹದಲ್ಲಿ ವಿವಾಹವಾದ ಎಂಟು ಜೋಡಿ ನವದಂಪತಿಗಳಿಗೆ ಶ್ರೀಗಳು ಆಶೀರ್ವಚನ ನೀಡಿದರು. ಧರ್ಮ ಮಾರ್ಗದಲ್ಲಿ ನಡೆದು ಜೀವನ ಸಾರ್ಥಕಪಡಿಸಿಕೊಳ್ಳಬೇಕು. ಪ್ರತಿಯೊಬ್ಬರೂ ಸಂಸ್ಕಾರವಂತರಾಗಿ ಬಾಳಬೇಕು ಎಂದು ಹೇಳಿದರು. ಭಕ್ತರಿಗೆ ಪ್ರಸಾದ ವಿನಿಯೋಗ ಮಾಡಲಾಯಿತು.
ಬಿಸಿಯೂಟ ಕಾರ್ಯಕರ್ತೆಯರ ಫೆಡರೇಷನ್ ಪ್ರತಿಭಟನೆ
ಬಜೆಟ್‌ನಲ್ಲಿ ವೇತನ ಹೆಚ್ಚಳ ಘೋಷಿಸಲು ಆಗ್ರಹ
ಜಗಳೂರು: 2025ರ ಬಜೆಟ್‌ನಲ್ಲಿ ಬಿಸಿಯೂಟ ನೌಕರರಿಗೆ ವೇತನ ಹೆಚ್ಚಳ ಘೋಷಿಸಬೇಕು ಎಂದು ಒತ್ತಾಯಿಸಿ ಅಕ್ಷರ ದಾಸೋಹ ಬಿಸಿಯೂಟ ಕಾರ್ಯಕರ್ತೆಯರ ಫೆಡರೇಷನ್ ವತಿಯಿಂದ ಪ್ರತಿಭಟನೆ ನಡೆಸಲಾಯಿತು. ಪಟ್ಟಣದ ತಾಲೂಕು ಕಚೇರಿ ಮುಂಭಾಗ ಜಮಾಯಿಸಿದ ಬಿಸಿಯೂಟ ಕಾರ್ಯಕರ್ತೆಯರು, ಸರ್ಕಾರದ ವಿರುದ್ಧ ಘೋಷಣೆ ಕೂಗಿ ತಹಶೀಲ್ದಾರ್ ಮೂಲಕ ಮುಖ್ಯಮಂತ್ರಿಗೆ ಮನವಿ ಸಲ್ಲಿಸಿದರು. ಸಂಘಟನೆಯ ಪ್ರಧಾನ ಕಾರ್ಯದರ್ಶಿ ಮಾತನಾಡಿ, ಬಿಸಿಯೂಟ ಕಾರ್ಯಕರ್ತೆಯರು ಕಡಿಮೆ ವೇತನದಲ್ಲಿ ದುಡಿಯುತ್ತಿದ್ದಾರೆ.
» ಸೇವಾ ಭದ್ರತೆ ಹಾಗೂ ಕನಿಷ್ಠ ವೇತನ ಜಾರಿಗೆ ಒತ್ತಾಯ.
ಬೆಲೆ ಏರಿಕೆಯಿಂದ ಜೀವನ ನಿರ್ವಹಣೆ ಕಷ್ಟವಾಗಿದೆ. ಮಾಸಿಕ ವೇತನ ಹೆಚ್ಚಿಸಬೇಕು, ನಿವೃತ್ತಿ ಸೌಲಭ್ಯ ಒದಗಿಸಬೇಕು ಎಂದು ಆಗ್ರಹಿಸಿದರು. ಸಂಘಟನೆಯ ತಾಲೂಕು ಅಧ್ಯಕ್ಷೆ, ಪದಾಧಿಕಾರಿಗಳು ಹಾಗೂ ನೂರಾರು ಕಾರ್ಯಕರ್ತೆಯರು ಪ್ರತಿಭಟನೆಯಲ್ಲಿ ಭಾಗವಹಿಸಿದ್ದರು.
ಕಾರ್ಮಿಕರಿಗೆ ಆರ್ಥಿಕ, ಸಾಮಾಜಿಕ ಭದ್ರತೆ ಒದಗಿಸಬೇಕು. ಬಿಸಿಯೂಟ ಕಾರ್ಯಕರ್ತೆಯರನ್ನು ಕಾಯಂಗೊಳಿಸಬೇಕು. ಗೌರವಧನವನ್ನು ಹೆಚ್ಚಿಸಿ, ಸೇವಾ ಭದ್ರತೆ ಒದಗಿಸಬೇಕು. ಸರ್ಕಾರ ಬೇಡಿಕೆಗಳನ್ನು ಈಡೇರಿಸದಿದ್ದರೆ ಉಗ್ರ ಹೋರಾಟ ನಡೆಸಲಾಗುವುದು ಎಂದು ಎಚ್ಚರಿಸಿದರು. ಈ ಸಂದರ್ಭದಲ್ಲಿ ಪದಾಧಿಕಾರಿಗಳು ಇದ್ದರು.
